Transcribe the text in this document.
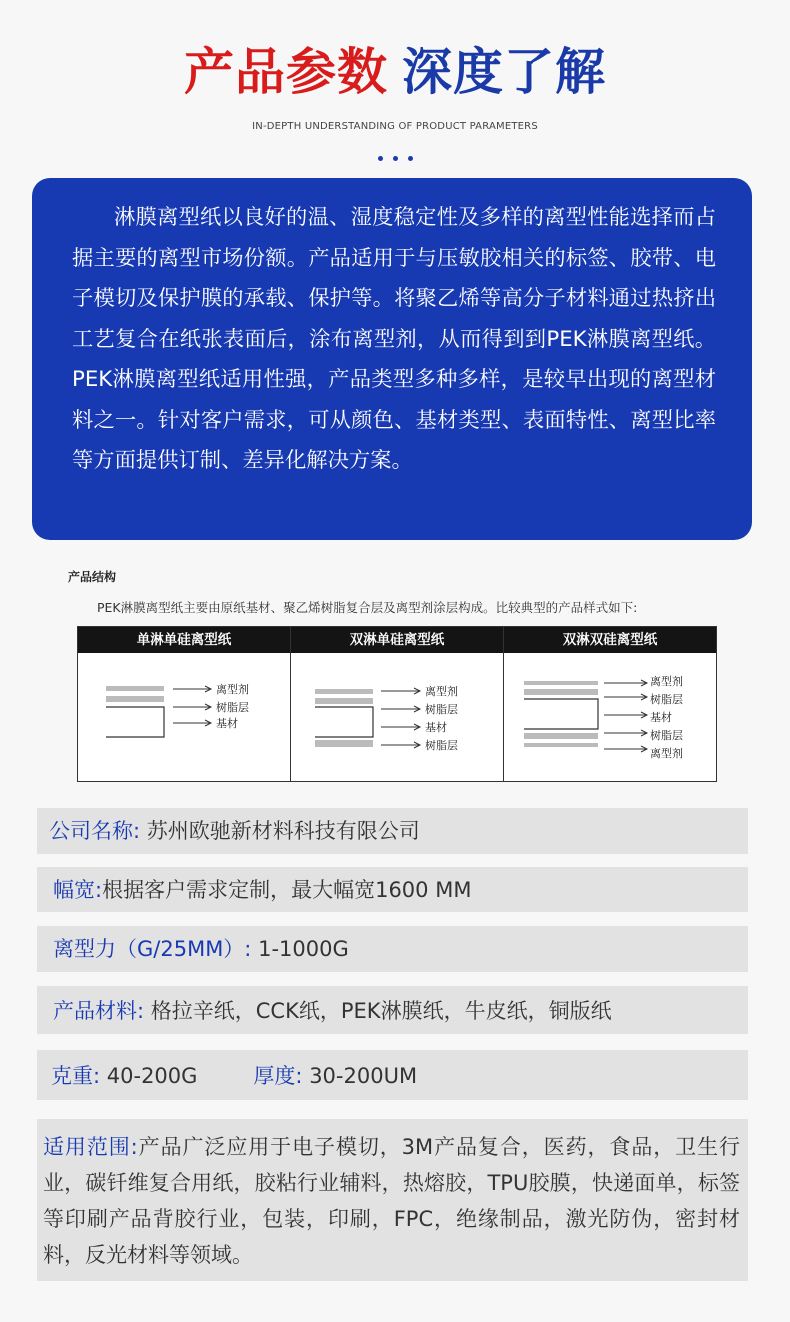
产品参数 深度了解
IN-DEPTH UNDERSTANDING OF PRODUCT PARAMETERS

淋膜离型纸以良好的温、湿度稳定性及多样的离型性能选择而占据主要的离型市场份额。产品适用于与压敏胶相关的标签、胶带、电子模切及保护膜的承载、保护等。将聚乙烯等高分子材料通过热挤出工艺复合在纸张表面后，涂布离型剂，从而得到到PEK淋膜离型纸。PEK淋膜离型纸适用性强，产品类型多种多样，是较早出现的离型材料之一。针对客户需求，可从颜色、基材类型、表面特性、离型比率等方面提供订制、差异化解决方案。

产品结构
PEK淋膜离型纸主要由原纸基材、聚乙烯树脂复合层及离型剂涂层构成。比较典型的产品样式如下:
单淋单硅离型纸
离型剂
树脂层
基材
双淋单硅离型纸
离型剂
树脂层
基材
树脂层
双淋双硅离型纸
离型剂
树脂层
基材
树脂层
离型剂
公司名称: 苏州欧驰新材料科技有限公司
幅宽:根据客户需求定制，最大幅宽1600 MM
离型力（G/25MM）: 1-1000G
产品材料: 格拉辛纸，CCK纸，PEK淋膜纸，牛皮纸，铜版纸
克重: 40-200G	厚度: 30-200UM
适用范围:产品广泛应用于电子模切，3M产品复合，医药，食品，卫生行业，碳钎维复合用纸，胶粘行业辅料，热熔胶，TPU胶膜，快递面单，标签等印刷产品背胶行业，包装，印刷，FPC，绝缘制品，激光防伪，密封材料，反光材料等领域。
